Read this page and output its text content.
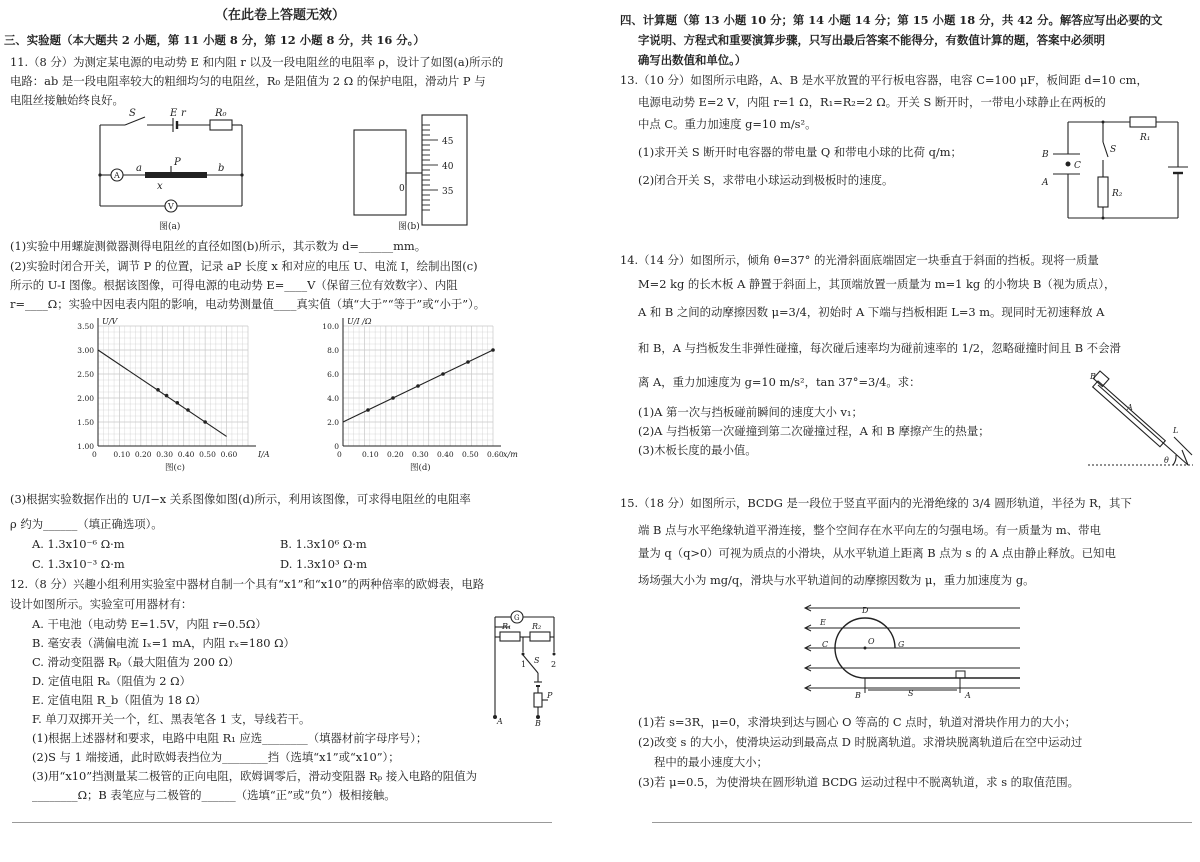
（在此卷上答题无效）
三、实验题（本大题共 2 小题，第 11 小题 8 分，第 12 小题 8 分，共 16 分。）
11.（8 分）为测定某电源的电动势 E 和内阻 r 以及一段电阻丝的电阻率 ρ，设计了如图(a)所示的
电路：ab 是一段电阻率较大的粗细均匀的电阻丝，R₀ 是阻值为 2 Ω 的保护电阻，滑动片 P 与
电阻丝接触始终良好。
S	E r	R₀
A
V
a	b
P
x
图(a)
45
40
35
0
图(b)
(1)实验中用螺旋测微器测得电阻丝的直径如图(b)所示，其示数为 d=______mm。
(2)实验时闭合开关，调节 P 的位置，记录 aP 长度 x 和对应的电压 U、电流 I，绘制出图(c)
所示的 U-I 图像。根据该图像，可得电源的电动势 E=____V（保留三位有效数字）、内阻
r=____Ω；实验中因电表内阻的影响，电动势测量值____真实值（填“大于”“等于”或“小于”）。
0 0.10 0.20 0.30 0.40 0.50 0.60
1.00
1.50
2.00
2.50
3.00
3.50
I/A
U/V
图(c)
0	0.10 0.20 0.30 0.40 0.50 0.60
0
2.0
4.0
6.0
8.0
10.0
x/m
U/I /Ω
图(d)
(3)根据实验数据作出的 U/I−x 关系图像如图(d)所示，利用该图像，可求得电阻丝的电阻率
ρ 约为______（填正确选项）。
A. 1.3x10⁻⁶ Ω·m	B. 1.3x10⁶ Ω·m
C. 1.3x10⁻³ Ω·m	D. 1.3x10³ Ω·m
12.（8 分）兴趣小组利用实验室中器材自制一个具有“x1”和“x10”的两种倍率的欧姆表，电路
设计如图所示。实验室可用器材有：
A. 干电池（电动势 E=1.5V，内阻 r=0.5Ω）
B. 毫安表（满偏电流 Iₓ=1 mA，内阻 rₓ=180 Ω）
C. 滑动变阻器 Rₚ（最大阻值为 200 Ω）
D. 定值电阻 Rₐ（阻值为 2 Ω）
E. 定值电阻 R_b（阻值为 18 Ω）
F. 单刀双掷开关一个，红、黑表笔各 1 支，导线若干。
(1)根据上述器材和要求，电路中电阻 R₁ 应选________（填器材前字母序号）；
(2)S 与 1 端接通，此时欧姆表挡位为________挡（选填“x1”或“x10”）；
(3)用“x10”挡测量某二极管的正向电阻，欧姆调零后，滑动变阻器 Rₚ 接入电路的阻值为
________Ω；B 表笔应与二极管的______（选填“正”或“负”）极相接触。
G
R₁	R₂
S
1	2
P
A	B
四、计算题（第 13 小题 10 分；第 14 小题 14 分；第 15 小题 18 分，共 42 分。解答应写出必要的文
字说明、方程式和重要演算步骤，只写出最后答案不能得分，有数值计算的题，答案中必须明
确写出数值和单位。）
13.（10 分）如图所示电路，A、B 是水平放置的平行板电容器，电容 C=100 μF，板间距 d=10 cm，
电源电动势 E=2 V，内阻 r=1 Ω，R₁=R₂=2 Ω。开关 S 断开时，一带电小球静止在两板的
中点 C。重力加速度 g=10 m/s²。
(1)求开关 S 断开时电容器的带电量 Q 和带电小球的比荷 q/m；
(2)闭合开关 S，求带电小球运动到极板时的速度。
S
R₁
R₂
B
A
C
14.（14 分）如图所示，倾角 θ=37° 的光滑斜面底端固定一块垂直于斜面的挡板。现将一质量
M=2 kg 的长木板 A 静置于斜面上，其顶端放置一质量为 m=1 kg 的小物块 B（视为质点），
A 和 B 之间的动摩擦因数 μ=3/4，初始时 A 下端与挡板相距 L=3 m。现同时无初速释放 A
和 B，A 与挡板发生非弹性碰撞，每次碰后速率均为碰前速率的 1/2，忽略碰撞时间且 B 不会滑
离 A，重力加速度为 g=10 m/s²，tan 37°=3/4。求：
(1)A 第一次与挡板碰前瞬间的速度大小 v₁；
(2)A 与挡板第一次碰撞到第二次碰撞过程，A 和 B 摩擦产生的热量；
(3)木板长度的最小值。
B
A
L
θ
15.（18 分）如图所示，BCDG 是一段位于竖直平面内的光滑绝缘的 3/4 圆形轨道，半径为 R，其下
端 B 点与水平绝缘轨道平滑连接，整个空间存在水平向左的匀强电场。有一质量为 m、带电
量为 q（q>0）可视为质点的小滑块，从水平轨道上距离 B 点为 s 的 A 点由静止释放。已知电
场场强大小为 mg/q，滑块与水平轨道间的动摩擦因数为 μ，重力加速度为 g。
D
E
C	O	G
B	A
S
(1)若 s=3R，μ=0，求滑块到达与圆心 O 等高的 C 点时，轨道对滑块作用力的大小；
(2)改变 s 的大小，使滑块运动到最高点 D 时脱离轨道。求滑块脱离轨道后在空中运动过
程中的最小速度大小；
(3)若 μ=0.5，为使滑块在圆形轨道 BCDG 运动过程中不脱离轨道，求 s 的取值范围。
